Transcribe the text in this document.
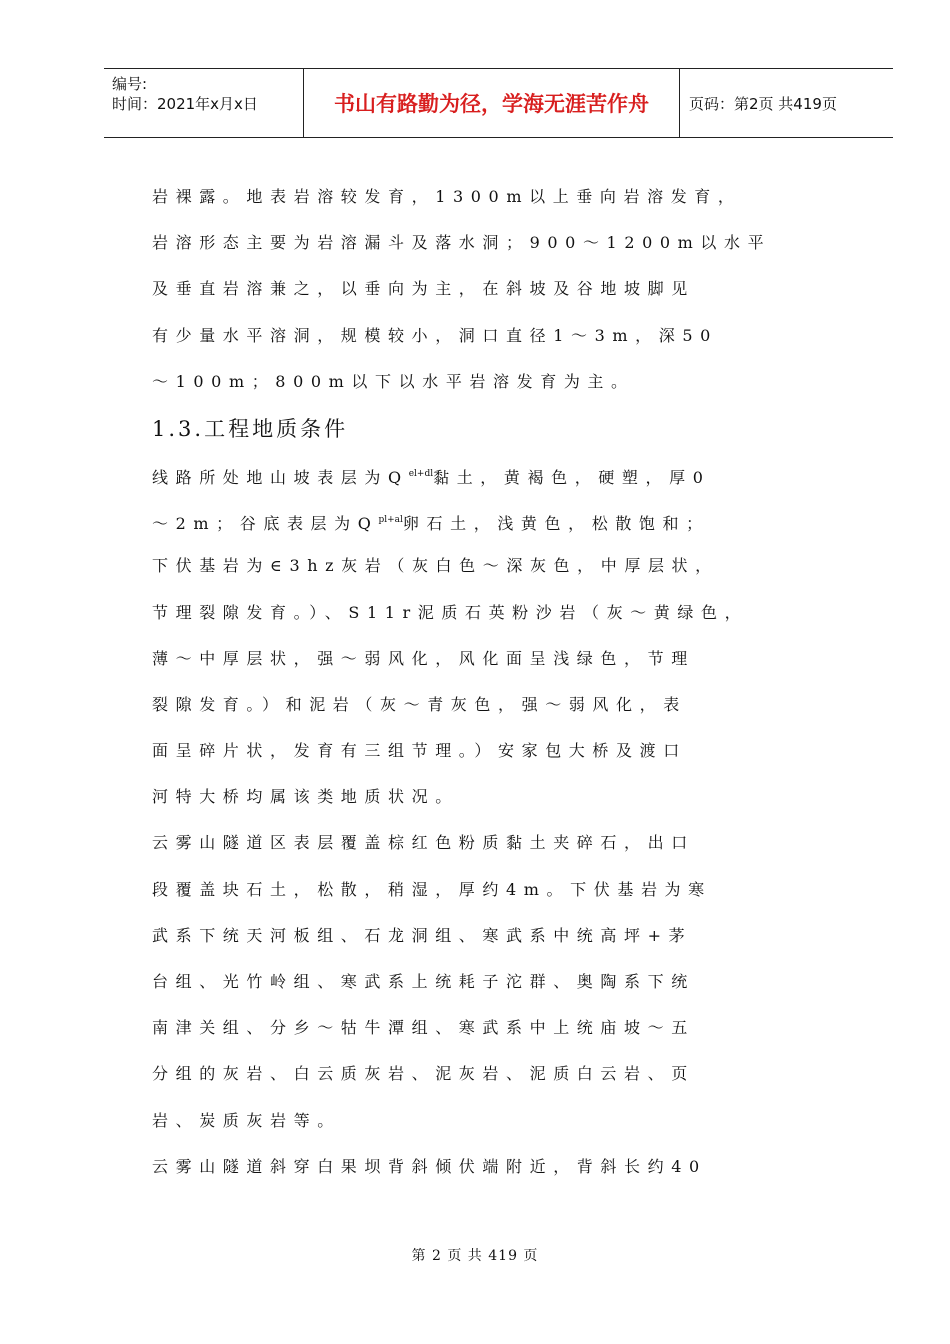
编号:
时间：2021年x月x日	书山有路勤为径，学海无涯苦作舟	页码：第2页 共419页
岩裸露。地表岩溶较发育，1300m以上垂向岩溶发育，
岩溶形态主要为岩溶漏斗及落水洞；900～1200m以水平
及垂直岩溶兼之，以垂向为主，在斜坡及谷地坡脚见
有少量水平溶洞，规模较小，洞口直径1～3m，深50
～100m；800m以下以水平岩溶发育为主。
1.3.工程地质条件
线路所处地山坡表层为$Q^{el+dl}$黏土，黄褐色，硬塑，厚0
～2m；谷底表层为$Q^{pl+al}$卵石土，浅黄色，松散饱和；
下伏基岩为∈3hz灰岩（灰白色～深灰色，中厚层状，
节理裂隙发育。）、S11r泥质石英粉沙岩（灰～黄绿色，
薄～中厚层状，强～弱风化，风化面呈浅绿色，节理
裂隙发育。）和泥岩（灰～青灰色，强～弱风化，表
面呈碎片状，发育有三组节理。）安家包大桥及渡口
河特大桥均属该类地质状况。
云雾山隧道区表层覆盖棕红色粉质黏土夹碎石，出口
段覆盖块石土，松散，稍湿，厚约4m。下伏基岩为寒
武系下统天河板组、石龙洞组、寒武系中统高坪+茅
台组、光竹岭组、寒武系上统耗子沱群、奥陶系下统
南津关组、分乡～牯牛潭组、寒武系中上统庙坡～五
分组的灰岩、白云质灰岩、泥灰岩、泥质白云岩、页
岩、炭质灰岩等。
云雾山隧道斜穿白果坝背斜倾伏端附近，背斜长约40
第 2 页 共 419 页
